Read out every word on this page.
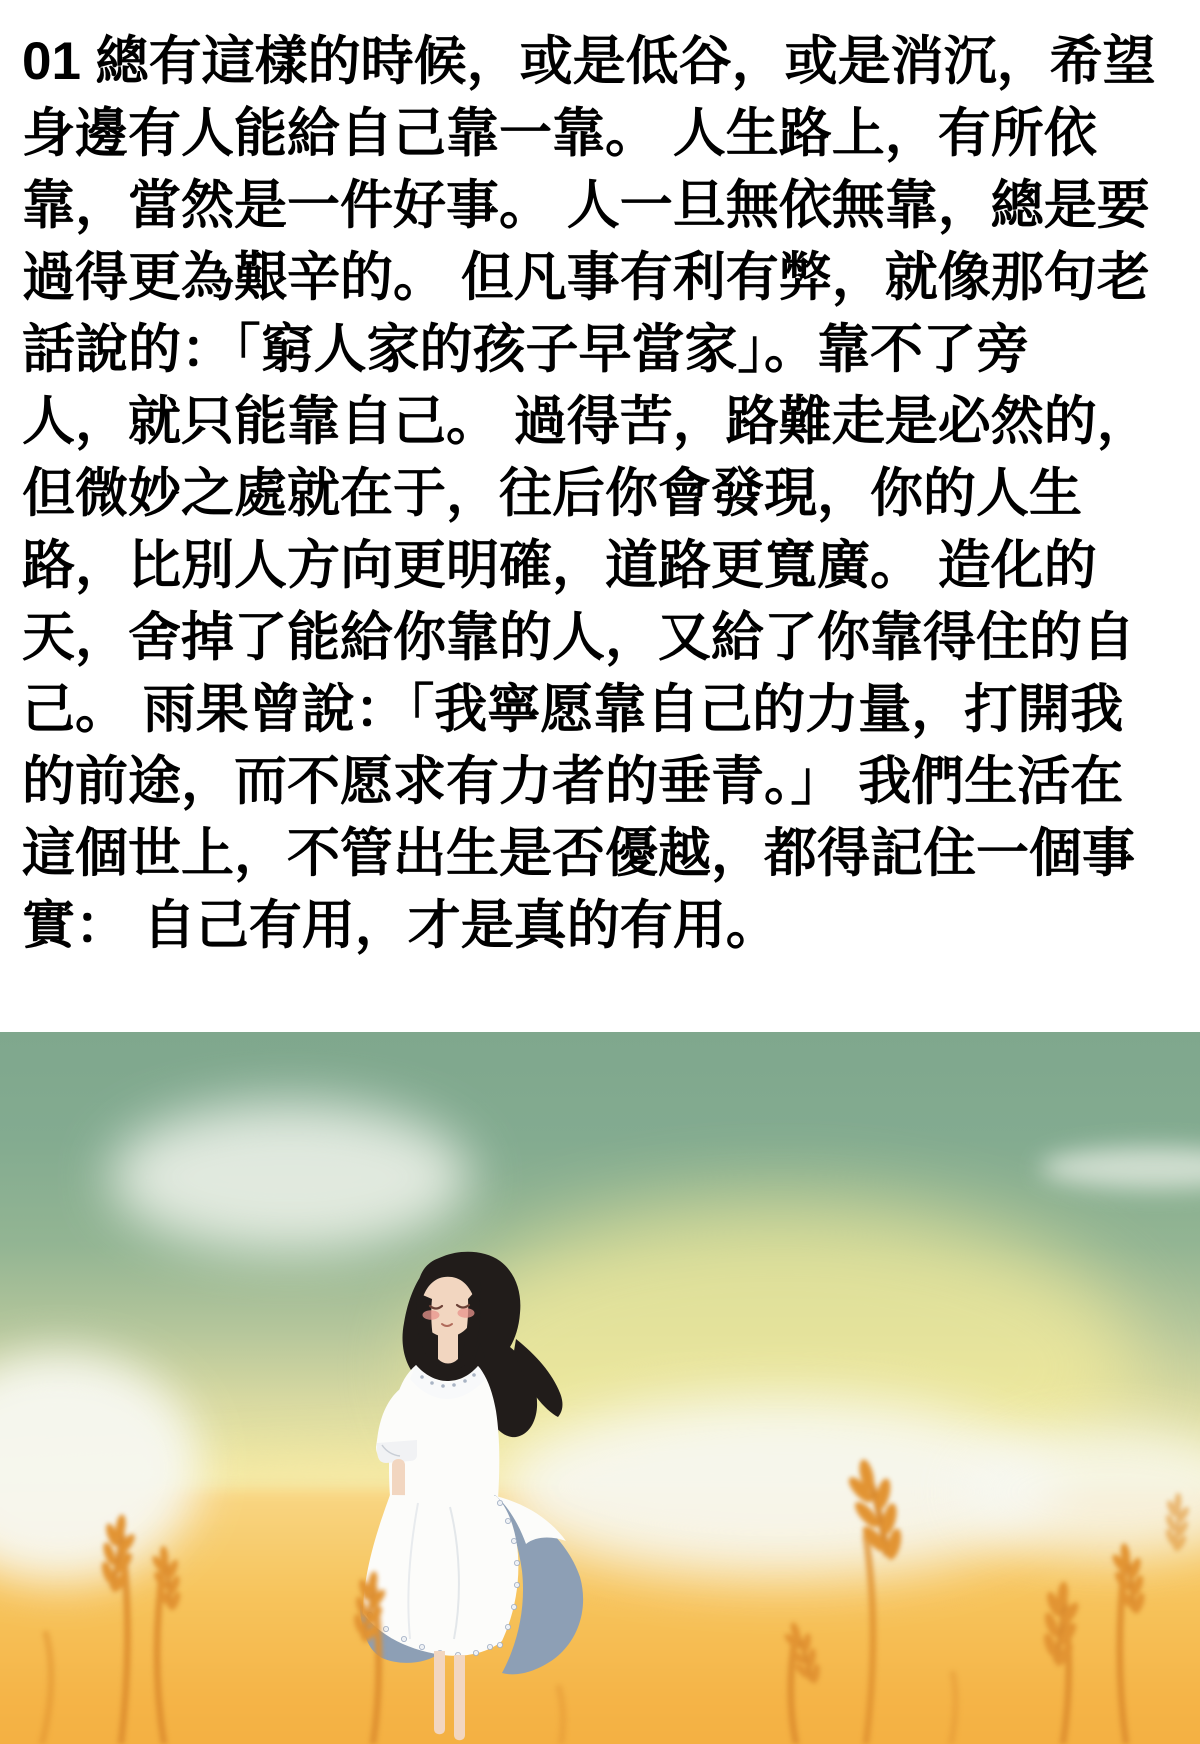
01 總有這樣的時候，或是低谷，或是消沉，希望
身邊有人能給自己靠一靠。 人生路上，有所依
靠，當然是一件好事。 人一旦無依無靠，總是要
過得更為艱辛的。 但凡事有利有弊，就像那句老
話說的：「窮人家的孩子早當家」。靠不了旁
人，就只能靠自己。 過得苦，路難走是必然的，
但微妙之處就在于，往后你會發現，你的人生
路，比別人方向更明確，道路更寬廣。 造化的
天，舍掉了能給你靠的人，又給了你靠得住的自
己。 雨果曾說：「我寧愿靠自己的力量，打開我
的前途，而不愿求有力者的垂青。」 我們生活在
這個世上，不管出生是否優越，都得記住一個事
實： 自己有用，才是真的有用。
